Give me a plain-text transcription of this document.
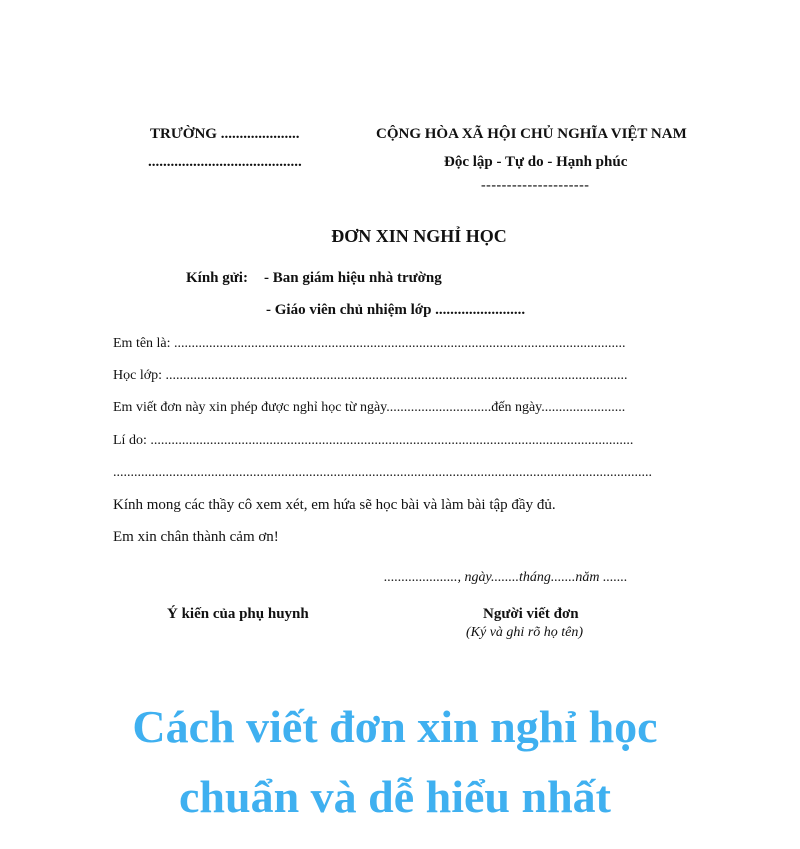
TRƯỜNG .....................
.........................................
CỘNG HÒA XÃ HỘI CHỦ NGHĨA VIỆT NAM
Độc lập - Tự do - Hạnh phúc
---------------------
ĐƠN XIN NGHỈ HỌC
Kính gửi: - Ban giám hiệu nhà trường
- Giáo viên chủ nhiệm lớp ........................
Em tên là: .................................................................................................................................
Học lớp: ....................................................................................................................................
Em viết đơn này xin phép được nghỉ học từ ngày..............................đến ngày........................
Lí do: ..........................................................................................................................................
..........................................................................................................................................................
Kính mong các thầy cô xem xét, em hứa sẽ học bài và làm bài tập đầy đủ.
Em xin chân thành cảm ơn!
....................., ngày........tháng.......năm .......
Ý kiến của phụ huynh	Người viết đơn
(Ký và ghi rõ họ tên)
Cách viết đơn xin nghỉ học
chuẩn và dễ hiểu nhất
